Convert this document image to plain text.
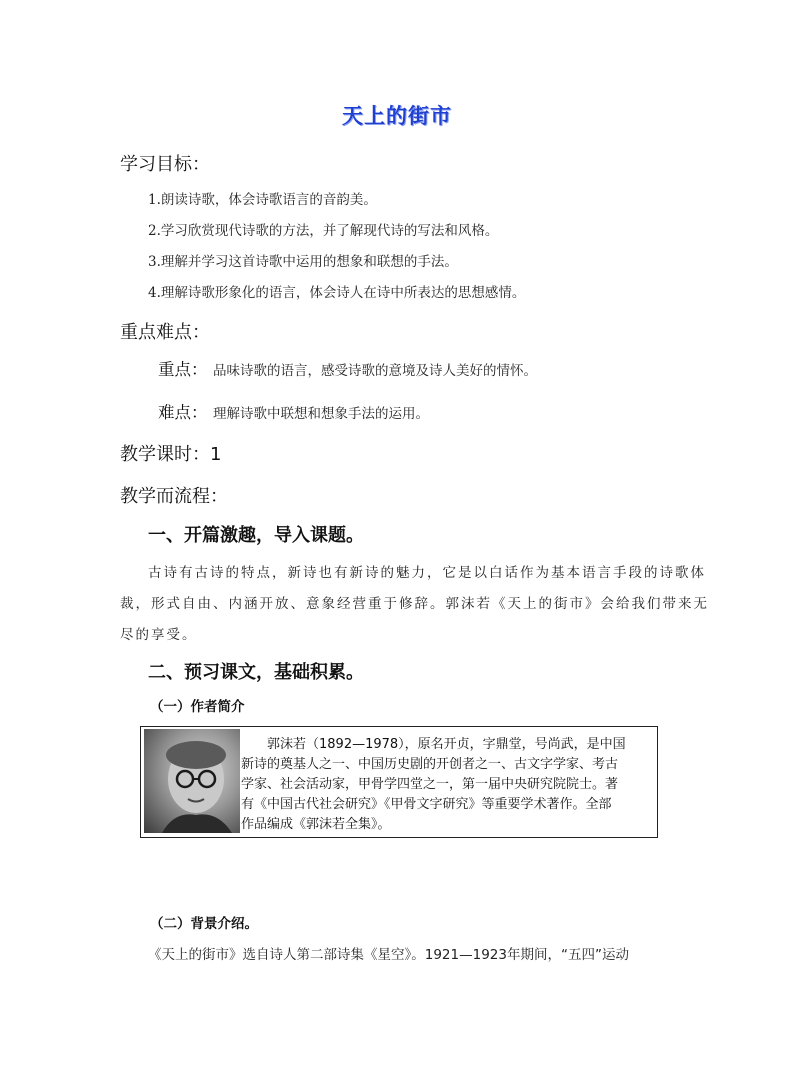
天上的街市
学习目标：
1.朗读诗歌，体会诗歌语言的音韵美。
2.学习欣赏现代诗歌的方法，并了解现代诗的写法和风格。
3.理解并学习这首诗歌中运用的想象和联想的手法。
4.理解诗歌形象化的语言，体会诗人在诗中所表达的思想感情。
重点难点：
重点： 品味诗歌的语言，感受诗歌的意境及诗人美好的情怀。
难点： 理解诗歌中联想和想象手法的运用。
教学课时：1
教学而流程：
一、开篇激趣，导入课题。
古诗有古诗的特点，新诗也有新诗的魅力，它是以白话作为基本语言手段的诗歌体
裁，形式自由、内涵开放、意象经营重于修辞。郭沫若《天上的街市》会给我们带来无
尽的享受。
二、预习课文，基础积累。
（一）作者简介
郭沫若（1892—1978），原名开贞，字鼎堂，号尚武，是中国
新诗的奠基人之一、中国历史剧的开创者之一、古文字学家、考古
学家、社会活动家，甲骨学四堂之一，第一届中央研究院院士。著
有《中国古代社会研究》《甲骨文字研究》等重要学术著作。全部
作品编成《郭沫若全集》。
（二）背景介绍。
《天上的街市》选自诗人第二部诗集《星空》。1921—1923年期间，“五四”运动
